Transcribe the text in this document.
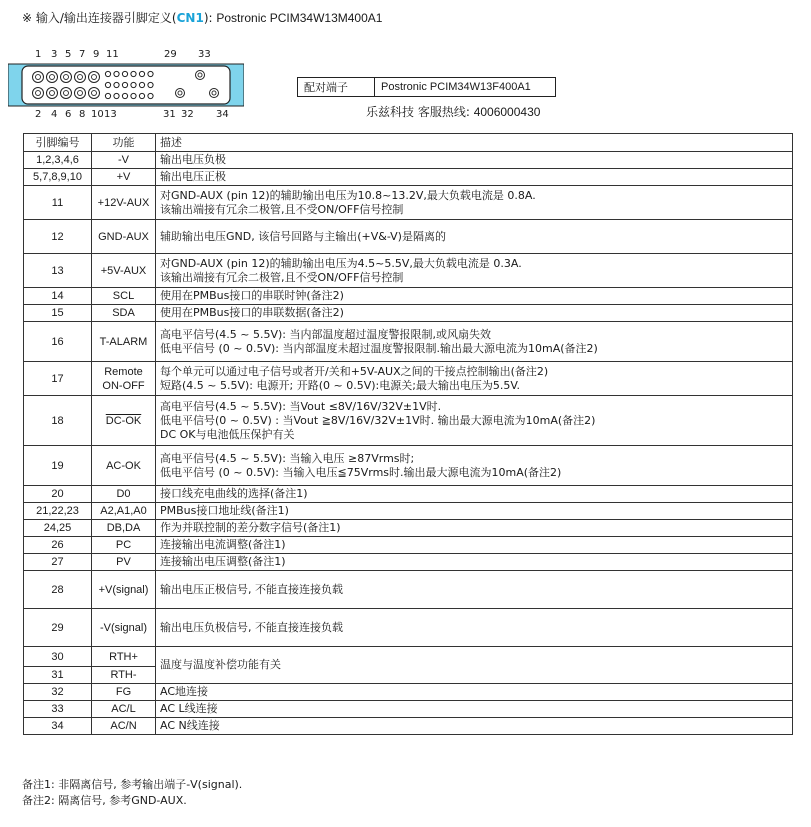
※ 输入/输出连接器引脚定义(CN1): Postronic PCIM34W13M400A1
1 3 5 7 9 11	29 33
2 4 6 8 10 13	31 32 34
配对端子	Postronic PCIM34W13F400A1
乐兹科技 客服热线: 4006000430
引脚编号	功能	描述
1,2,3,4,6	-V	输出电压负极

5,7,8,9,10	+V	输出电压正极

11	+12V-AUX	对GND-AUX (pin 12)的辅助输出电压为10.8~13.2V,最大负载电流是 0.8A.
该输出端接有冗余二极管,且不受ON/OFF信号控制

12	GND-AUX	辅助输出电压GND, 该信号回路与主输出(+V&-V)是隔离的

13	+5V-AUX	对GND-AUX (pin 12)的辅助输出电压为4.5~5.5V,最大负载电流是 0.3A.
该输出端接有冗余二极管,且不受ON/OFF信号控制

14	SCL	使用在PMBus接口的串联时钟(备注2)

15	SDA	使用在PMBus接口的串联数据(备注2)

16	T-ALARM	高电平信号(4.5 ~ 5.5V): 当内部温度超过温度警报限制,或风扇失效
低电平信号 (0 ~ 0.5V): 当内部温度未超过温度警报限制.输出最大源电流为10mA(备注2)

17	Remote
ON-OFF	每个单元可以通过电子信号或者开/关和+5V-AUX之间的干接点控制输出(备注2)
短路(4.5 ~ 5.5V): 电源开; 开路(0 ~ 0.5V):电源关;最大输出电压为5.5V.

18	DC-OK	高电平信号(4.5 ~ 5.5V): 当Vout ≤8V/16V/32V±1V时.
低电平信号(0 ~ 0.5V) : 当Vout ≧8V/16V/32V±1V时. 输出最大源电流为10mA(备注2)
DC OK与电池低压保护有关

19	AC-OK	高电平信号(4.5 ~ 5.5V): 当输入电压 ≥87Vrms时;
低电平信号 (0 ~ 0.5V): 当输入电压≦75Vrms时.输出最大源电流为10mA(备注2)

20	D0	接口线充电曲线的选择(备注1)

21,22,23	A2,A1,A0	PMBus接口地址线(备注1)

24,25	DB,DA	作为并联控制的差分数字信号(备注1)

26	PC	连接输出电流调整(备注1)

27	PV	连接输出电压调整(备注1)

28	+V(signal)	输出电压正极信号, 不能直接连接负载

29	-V(signal)	输出电压负极信号, 不能直接连接负载

30	RTH+	温度与温度补偿功能有关

31	RTH-	
32	FG	AC地连接

33	AC/L	AC L线连接

34	AC/N	AC N线连接
备注1: 非隔离信号, 参考输出端子-V(signal).
备注2: 隔离信号, 参考GND-AUX.
